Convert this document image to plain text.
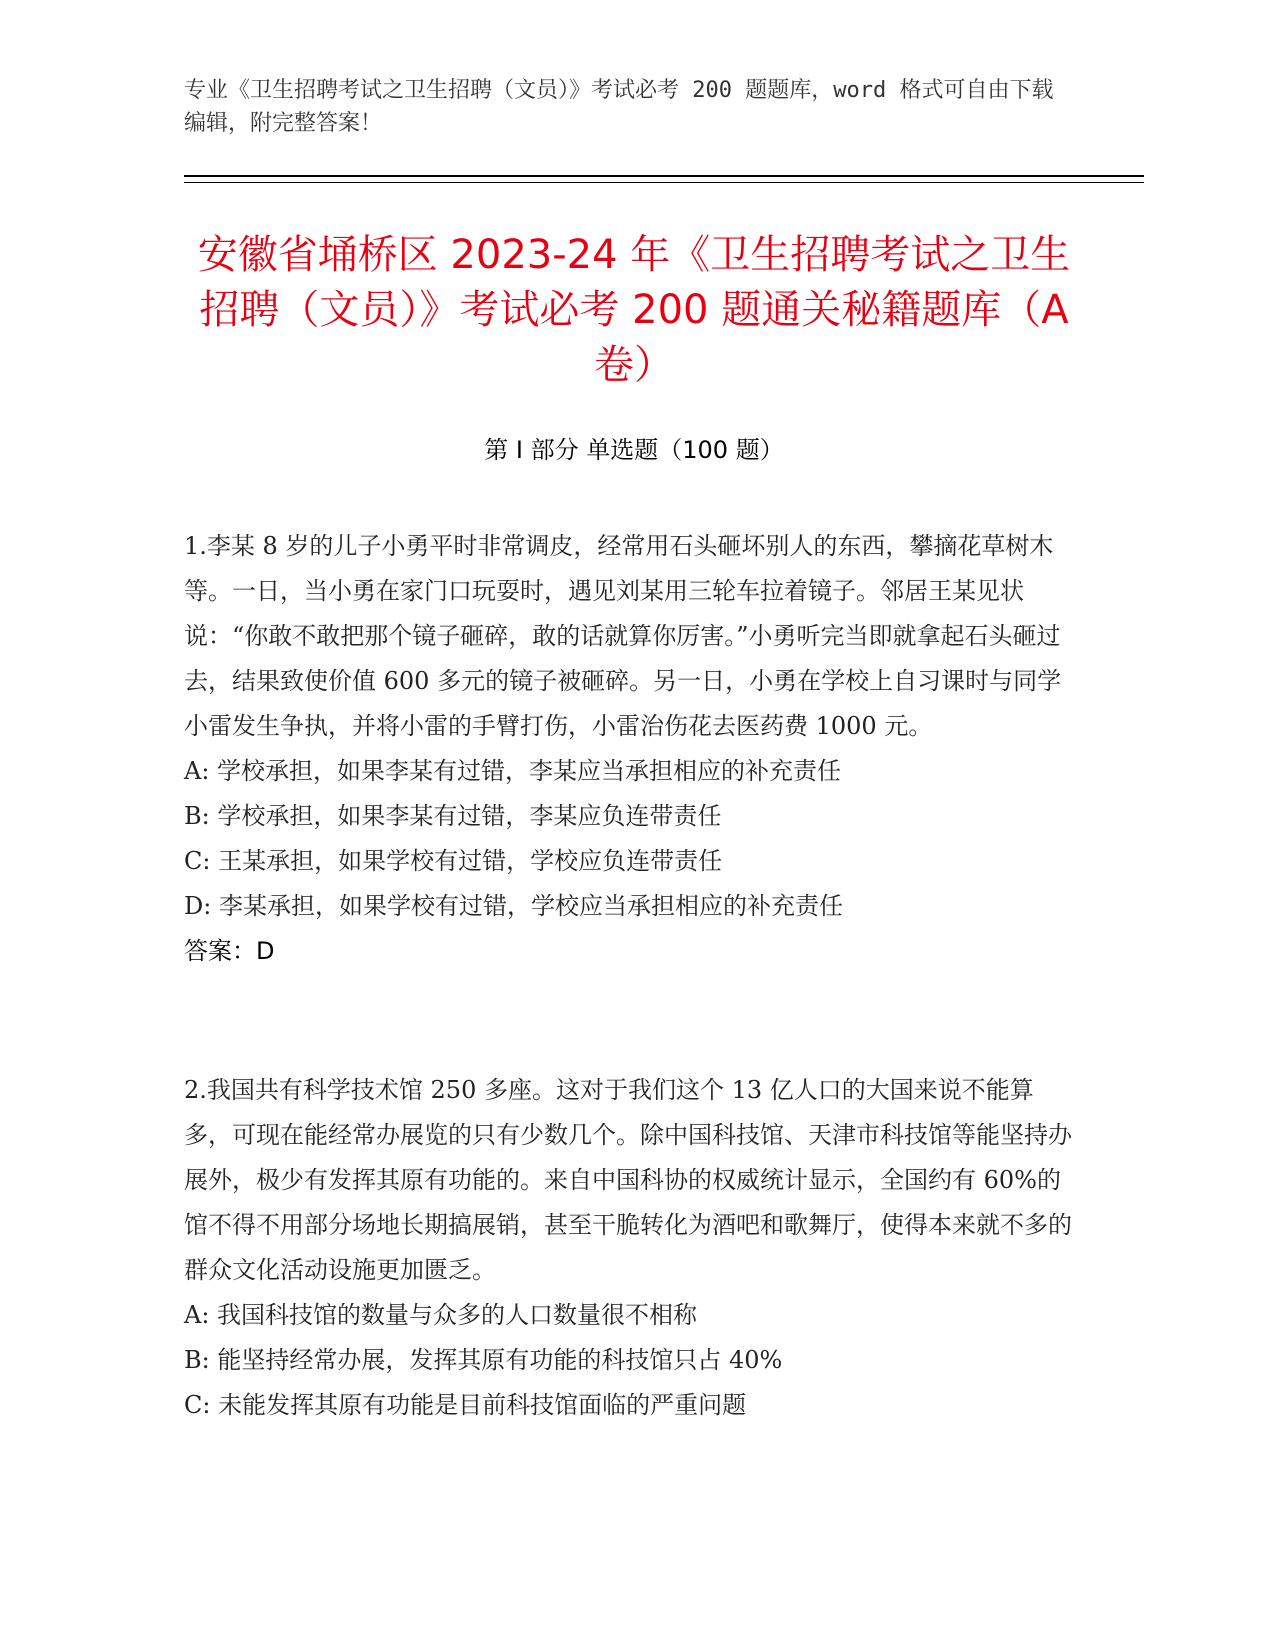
专业《卫生招聘考试之卫生招聘（文员）》考试必考 200 题题库，word 格式可自由下载编辑，附完整答案！
安徽省埇桥区 2023-24 年《卫生招聘考试之卫生招聘（文员）》考试必考 200 题通关秘籍题库（A 卷）
第 I 部分 单选题（100 题）

1.李某 8 岁的儿子小勇平时非常调皮，经常用石头砸坏别人的东西，攀摘花草树木等。一日，当小勇在家门口玩耍时，遇见刘某用三轮车拉着镜子。邻居王某见状说：“你敢不敢把那个镜子砸碎，敢的话就算你厉害。”小勇听完当即就拿起石头砸过去，结果致使价值 600 多元的镜子被砸碎。另一日，小勇在学校上自习课时与同学小雷发生争执，并将小雷的手臂打伤，小雷治伤花去医药费 1000 元。

A: 学校承担，如果李某有过错，李某应当承担相应的补充责任

B: 学校承担，如果李某有过错，李某应负连带责任

C: 王某承担，如果学校有过错，学校应负连带责任

D: 李某承担，如果学校有过错，学校应当承担相应的补充责任

答案：D

2.我国共有科学技术馆 250 多座。这对于我们这个 13 亿人口的大国来说不能算多，可现在能经常办展览的只有少数几个。除中国科技馆、天津市科技馆等能坚持办展外，极少有发挥其原有功能的。来自中国科协的权威统计显示，全国约有 60%的馆不得不用部分场地长期搞展销，甚至干脆转化为酒吧和歌舞厅，使得本来就不多的群众文化活动设施更加匮乏。

A: 我国科技馆的数量与众多的人口数量很不相称

B: 能坚持经常办展，发挥其原有功能的科技馆只占 40%

C: 未能发挥其原有功能是目前科技馆面临的严重问题
